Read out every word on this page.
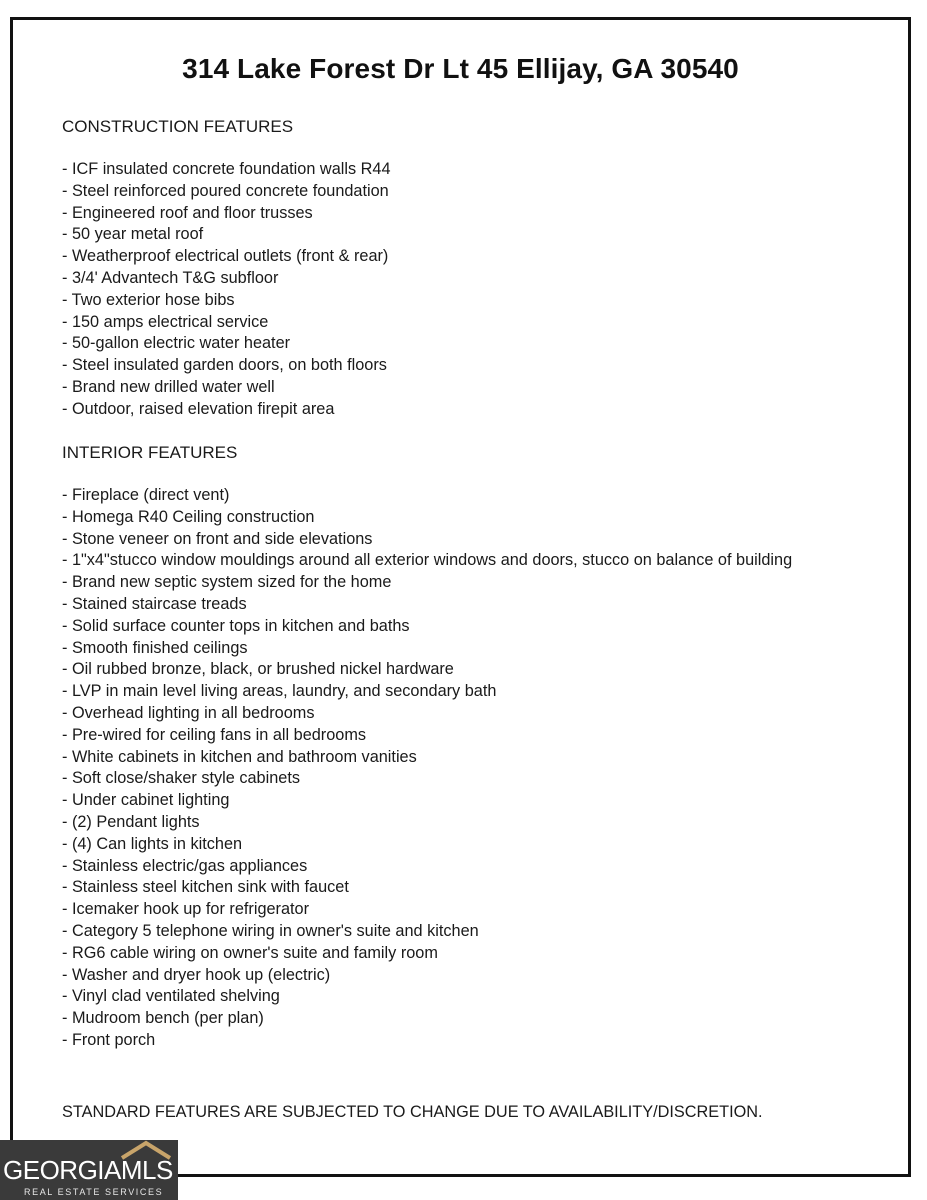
314 Lake Forest Dr Lt 45 Ellijay, GA 30540
CONSTRUCTION FEATURES
- ICF insulated concrete foundation walls R44
- Steel reinforced poured concrete foundation
- Engineered roof and floor trusses
- 50 year metal roof
- Weatherproof electrical outlets (front & rear)
- 3/4' Advantech T&G subfloor
- Two exterior hose bibs
- 150 amps electrical service
- 50-gallon electric water heater
- Steel insulated garden doors, on both floors
- Brand new drilled water well
- Outdoor, raised elevation firepit area
INTERIOR FEATURES
- Fireplace (direct vent)
- Homega R40 Ceiling construction
- Stone veneer on front and side elevations
- 1"x4"stucco window mouldings around all exterior windows and doors, stucco on balance of building
- Brand new septic system sized for the home
- Stained staircase treads
- Solid surface counter tops in kitchen and baths
- Smooth finished ceilings
- Oil rubbed bronze, black, or brushed nickel hardware
- LVP in main level living areas, laundry, and secondary bath
- Overhead lighting in all bedrooms
- Pre-wired for ceiling fans in all bedrooms
- White cabinets in kitchen and bathroom vanities
- Soft close/shaker style cabinets
- Under cabinet lighting
- (2) Pendant lights
- (4) Can lights in kitchen
- Stainless electric/gas appliances
- Stainless steel kitchen sink with faucet
- Icemaker hook up for refrigerator
- Category 5 telephone wiring in owner's suite and kitchen
- RG6 cable wiring on owner's suite and family room
- Washer and dryer hook up (electric)
- Vinyl clad ventilated shelving
- Mudroom bench (per plan)
- Front porch

STANDARD FEATURES ARE SUBJECTED TO CHANGE DUE TO AVAILABILITY/DISCRETION.

GEORGIAMLS
REAL ESTATE SERVICES
